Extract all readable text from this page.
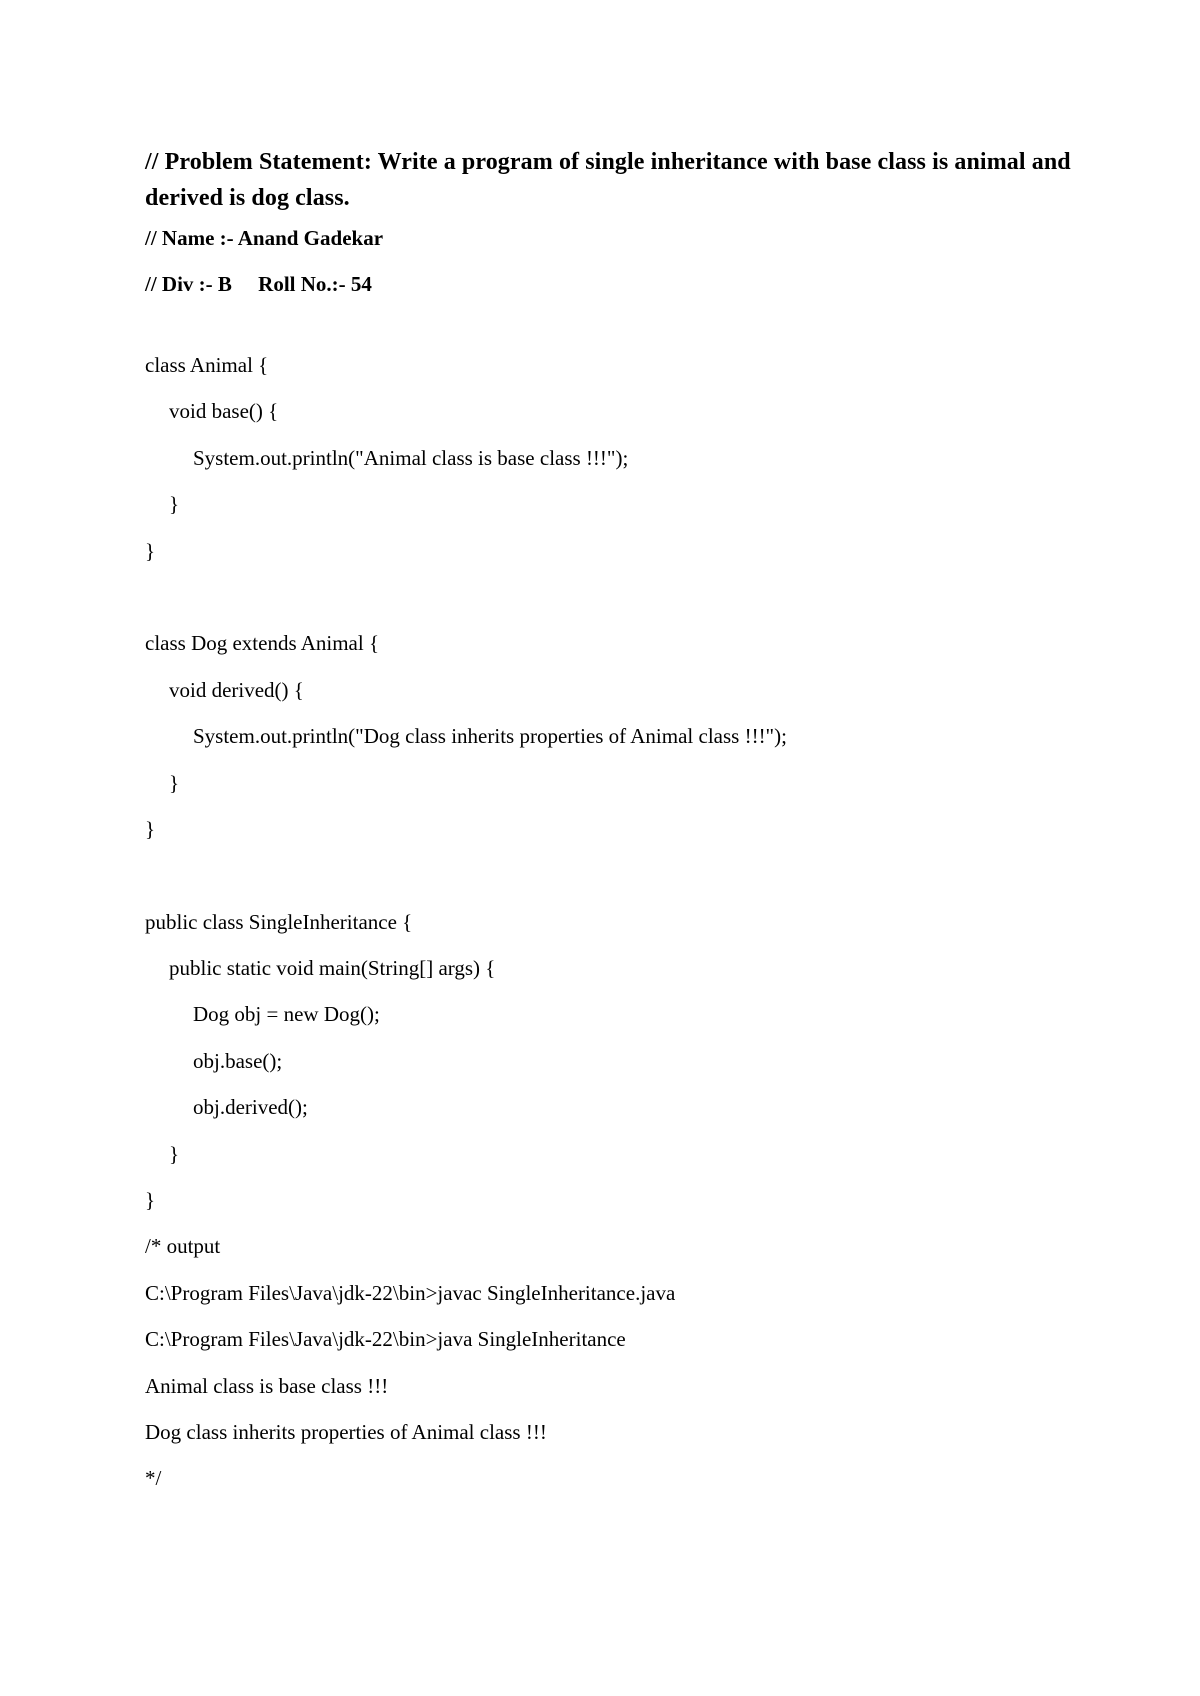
// Problem Statement: Write a program of single inheritance with base class is animal and derived is dog class.

// Name :- Anand Gadekar

// Div :- B     Roll No.:- 54

class Animal {

void base() {

System.out.println("Animal class is base class !!!");

}

}

class Dog extends Animal {

void derived() {

System.out.println("Dog class inherits properties of Animal class !!!");

}

}

public class SingleInheritance {

public static void main(String[] args) {

Dog obj = new Dog();

obj.base();

obj.derived();

}

}

/* output

C:\Program Files\Java\jdk-22\bin>javac SingleInheritance.java

C:\Program Files\Java\jdk-22\bin>java SingleInheritance

Animal class is base class !!!

Dog class inherits properties of Animal class !!!

*/
